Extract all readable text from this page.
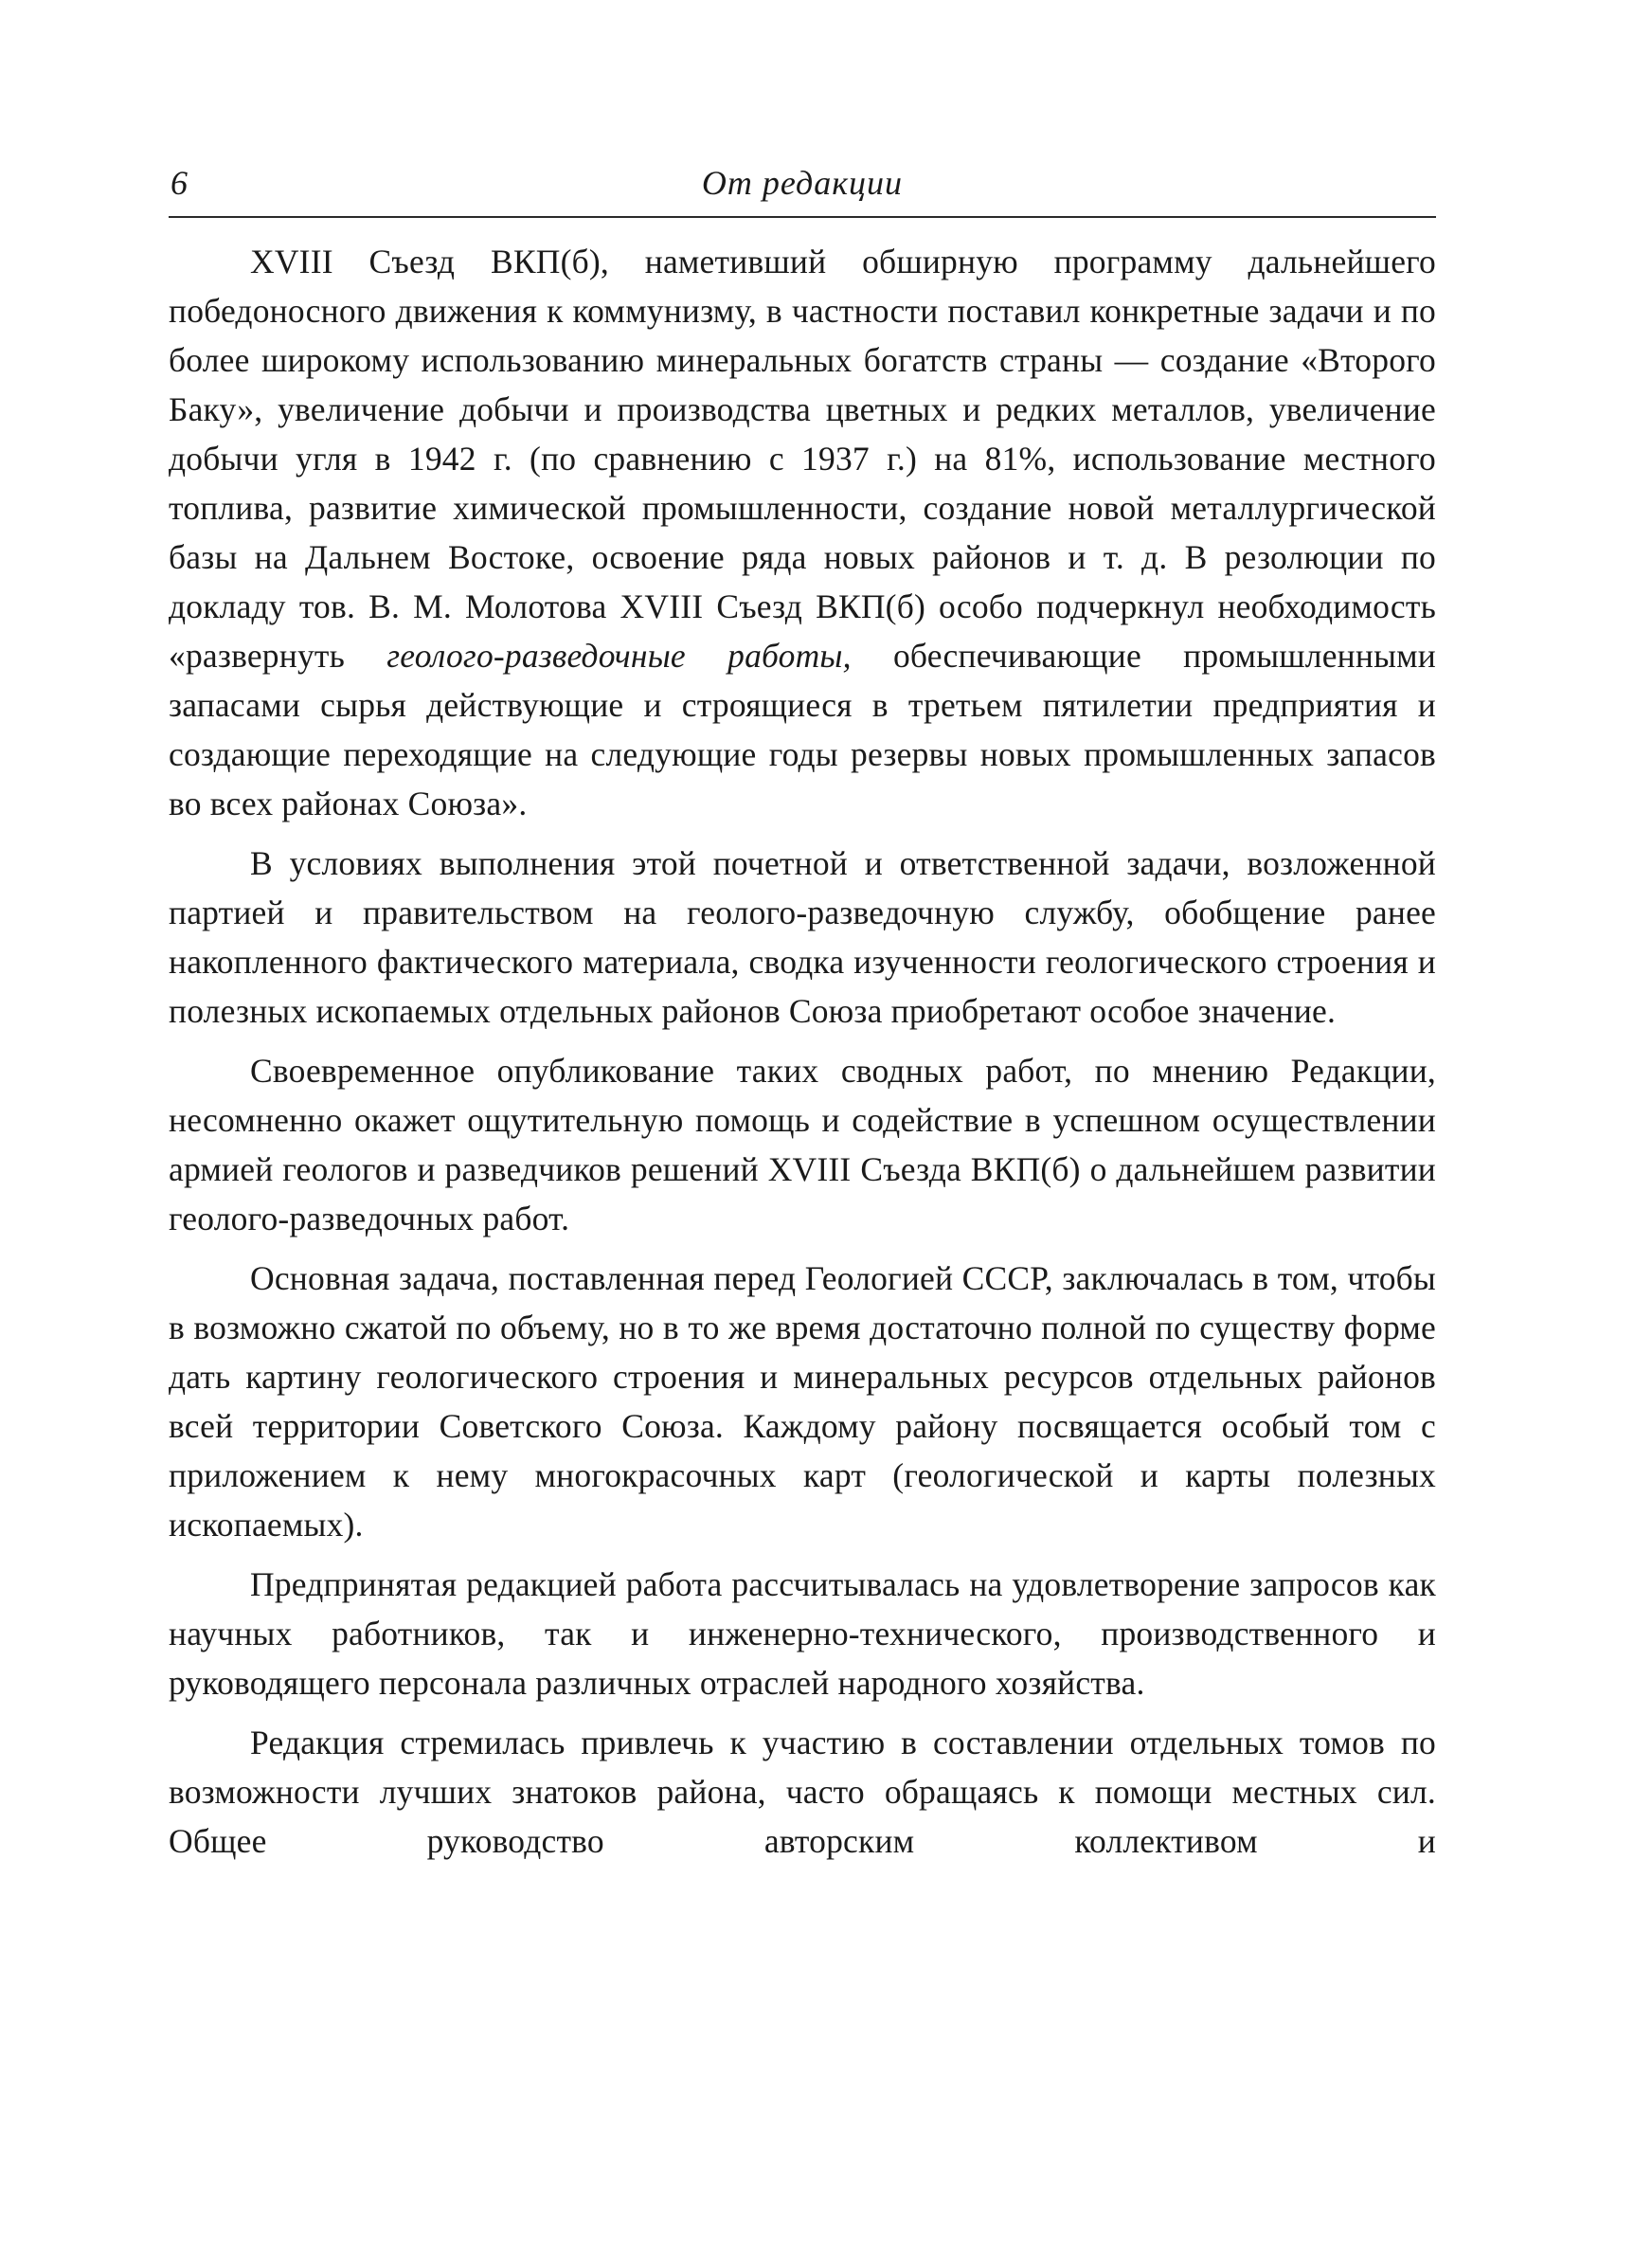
6	От редакции

XVIII Съезд ВКП(б), наметивший обширную программу дальнейшего победоносного движения к коммунизму, в частности поставил конкретные задачи и по более широкому использованию минеральных богатств страны — создание «Второго Баку», увеличение добычи и производства цветных и редких металлов, увеличение добычи угля в 1942 г. (по сравнению с 1937 г.) на 81%, использование местного топлива, развитие химической промышленности, создание новой металлургической базы на Дальнем Востоке, освоение ряда новых районов и т. д. В резолюции по докладу тов. В. М. Молотова XVIII Съезд ВКП(б) особо подчеркнул необходимость «развернуть геолого-разведочные работы, обеспечивающие промышленными запасами сырья действующие и строящиеся в третьем пятилетии предприятия и создающие переходящие на следующие годы резервы новых промышленных запасов во всех районах Союза».

В условиях выполнения этой почетной и ответственной задачи, возложенной партией и правительством на геолого-разведочную службу, обобщение ранее накопленного фактического материала, сводка изученности геологического строения и полезных ископаемых отдельных районов Союза приобретают особое значение.

Своевременное опубликование таких сводных работ, по мнению Редакции, несомненно окажет ощутительную помощь и содействие в успешном осуществлении армией геологов и разведчиков решений XVIII Съезда ВКП(б) о дальнейшем развитии геолого-разведочных работ.

Основная задача, поставленная перед Геологией СССР, заключалась в том, чтобы в возможно сжатой по объему, но в то же время достаточно полной по существу форме дать картину геологического строения и минеральных ресурсов отдельных районов всей территории Советского Союза. Каждому району посвящается особый том с приложением к нему многокрасочных карт (геологической и карты полезных ископаемых).

Предпринятая редакцией работа рассчитывалась на удовлетворение запросов как научных работников, так и инженерно-технического, производственного и руководящего персонала различных отраслей народного хозяйства.

Редакция стремилась привлечь к участию в составлении отдельных томов по возможности лучших знатоков района, часто обращаясь к помощи местных сил. Общее руководство авторским коллективом и
